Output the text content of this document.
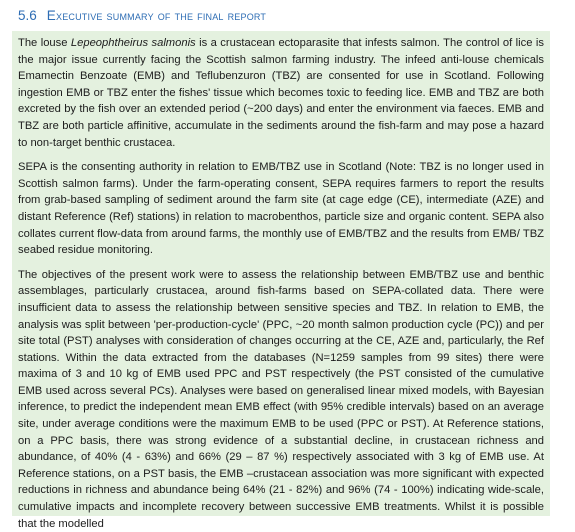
5.6 Executive summary of the final report

The louse Lepeophtheirus salmonis is a crustacean ectoparasite that infests salmon. The control of lice is the major issue currently facing the Scottish salmon farming industry. The infeed anti-louse chemicals Emamectin Benzoate (EMB) and Teflubenzuron (TBZ) are consented for use in Scotland. Following ingestion EMB or TBZ enter the fishes' tissue which becomes toxic to feeding lice. EMB and TBZ are both excreted by the fish over an extended period (~200 days) and enter the environment via faeces. EMB and TBZ are both particle affinitive, accumulate in the sediments around the fish-farm and may pose a hazard to non-target benthic crustacea.

SEPA is the consenting authority in relation to EMB/TBZ use in Scotland (Note: TBZ is no longer used in Scottish salmon farms). Under the farm-operating consent, SEPA requires farmers to report the results from grab-based sampling of sediment around the farm site (at cage edge (CE), intermediate (AZE) and distant Reference (Ref) stations) in relation to macrobenthos, particle size and organic content. SEPA also collates current flow-data from around farms, the monthly use of EMB/TBZ and the results from EMB/ TBZ seabed residue monitoring.

The objectives of the present work were to assess the relationship between EMB/TBZ use and benthic assemblages, particularly crustacea, around fish-farms based on SEPA-collated data. There were insufficient data to assess the relationship between sensitive species and TBZ. In relation to EMB, the analysis was split between 'per-production-cycle' (PPC, ~20 month salmon production cycle (PC)) and per site total (PST) analyses with consideration of changes occurring at the CE, AZE and, particularly, the Ref stations. Within the data extracted from the databases (N=1259 samples from 99 sites) there were maxima of 3 and 10 kg of EMB used PPC and PST respectively (the PST consisted of the cumulative EMB used across several PCs). Analyses were based on generalised linear mixed models, with Bayesian inference, to predict the independent mean EMB effect (with 95% credible intervals) based on an average site, under average conditions were the maximum EMB to be used (PPC or PST). At Reference stations, on a PPC basis, there was strong evidence of a substantial decline, in crustacean richness and abundance, of 40% (4 - 63%) and 66% (29 – 87 %) respectively associated with 3 kg of EMB use. At Reference stations, on a PST basis, the EMB –crustacean association was more significant with expected reductions in richness and abundance being 64% (21 - 82%) and 96% (74 - 100%) indicating wide-scale, cumulative impacts and incomplete recovery between successive EMB treatments. Whilst it is possible that the modelled
